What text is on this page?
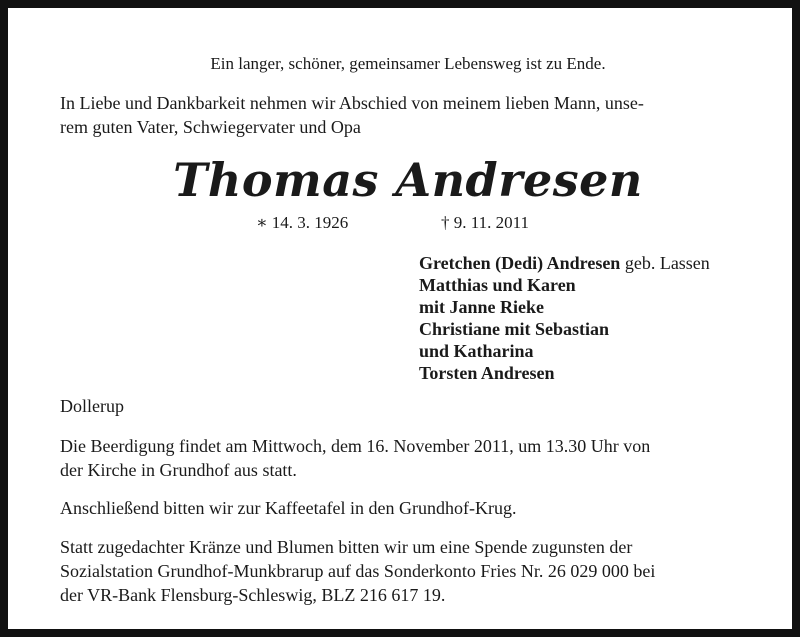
Ein langer, schöner, gemeinsamer Lebensweg ist zu Ende.

In Liebe und Dankbarkeit nehmen wir Abschied von meinem lieben Mann, unse-

rem guten Vater, Schwiegervater und Opa

Thomas Andresen

∗ 14. 3. 1926	† 9. 11. 2011

Gretchen (Dedi) Andresen geb. Lassen

Matthias und Karen

mit Janne Rieke

Christiane mit Sebastian

und Katharina

Torsten Andresen

Dollerup

Die Beerdigung findet am Mittwoch, dem 16. November 2011, um 13.30 Uhr von

der Kirche in Grundhof aus statt.

Anschließend bitten wir zur Kaffeetafel in den Grundhof-Krug.

Statt zugedachter Kränze und Blumen bitten wir um eine Spende zugunsten der

Sozialstation Grundhof-Munkbrarup auf das Sonderkonto Fries Nr. 26 029 000 bei

der VR-Bank Flensburg-Schleswig, BLZ 216 617 19.
